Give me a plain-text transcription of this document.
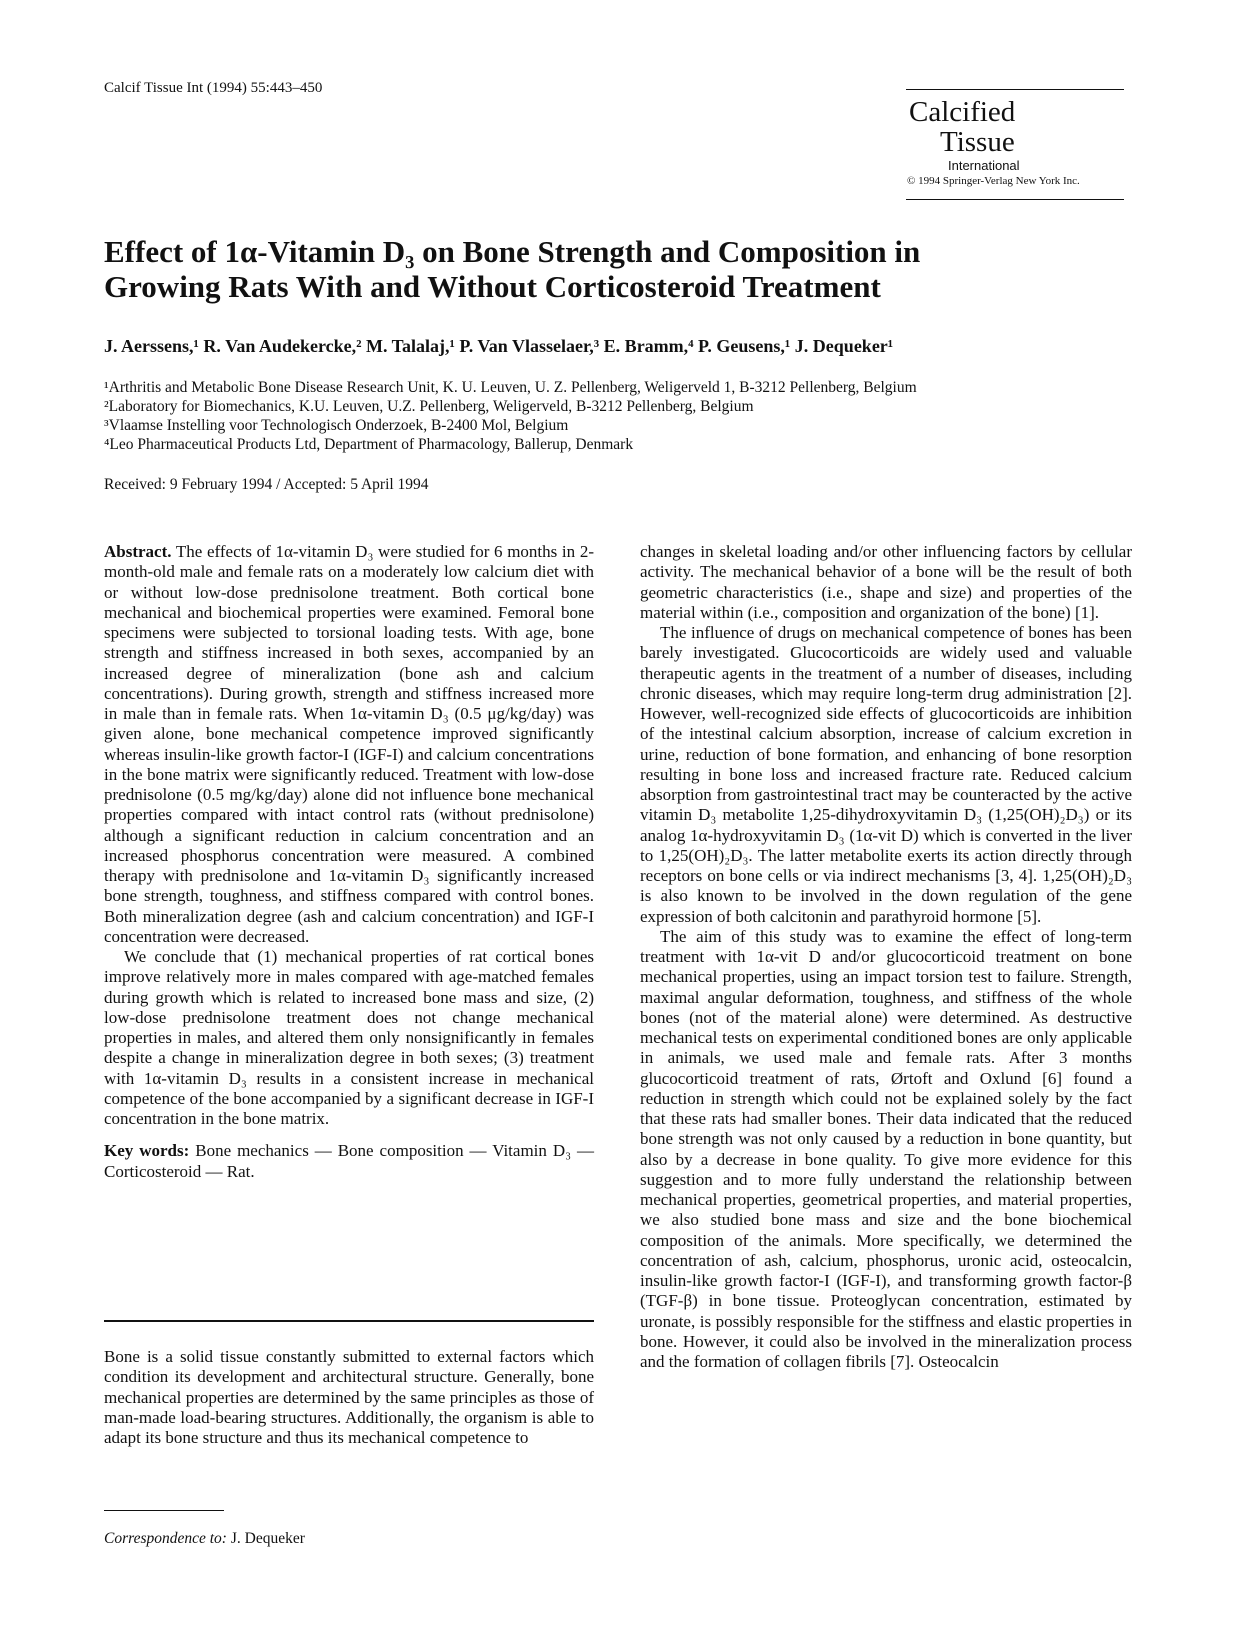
Calcif Tissue Int (1994) 55:443–450
Calcified
Tissue
International
© 1994 Springer-Verlag New York Inc.
Effect of 1α-Vitamin D₃ on Bone Strength and Composition in
Growing Rats With and Without Corticosteroid Treatment
J. Aerssens,¹ R. Van Audekercke,² M. Talalaj,¹ P. Van Vlasselaer,³ E. Bramm,⁴ P. Geusens,¹ J. Dequeker¹
¹Arthritis and Metabolic Bone Disease Research Unit, K. U. Leuven, U. Z. Pellenberg, Weligerveld 1, B-3212 Pellenberg, Belgium
²Laboratory for Biomechanics, K.U. Leuven, U.Z. Pellenberg, Weligerveld, B-3212 Pellenberg, Belgium
³Vlaamse Instelling voor Technologisch Onderzoek, B-2400 Mol, Belgium
⁴Leo Pharmaceutical Products Ltd, Department of Pharmacology, Ballerup, Denmark
Received: 9 February 1994 / Accepted: 5 April 1994

Abstract. The effects of 1α-vitamin D₃ were studied for 6 months in 2-month-old male and female rats on a moderately low calcium diet with or without low-dose prednisolone treatment. Both cortical bone mechanical and biochemical properties were examined. Femoral bone specimens were subjected to torsional loading tests. With age, bone strength and stiffness increased in both sexes, accompanied by an increased degree of mineralization (bone ash and calcium concentrations). During growth, strength and stiffness increased more in male than in female rats. When 1α-vitamin D₃ (0.5 μg/kg/day) was given alone, bone mechanical competence improved significantly whereas insulin-like growth factor-I (IGF-I) and calcium concentrations in the bone matrix were significantly reduced. Treatment with low-dose prednisolone (0.5 mg/kg/day) alone did not influence bone mechanical properties compared with intact control rats (without prednisolone) although a significant reduction in calcium concentration and an increased phosphorus concentration were measured. A combined therapy with prednisolone and 1α-vitamin D₃ significantly increased bone strength, toughness, and stiffness compared with control bones. Both mineralization degree (ash and calcium concentration) and IGF-I concentration were decreased.

We conclude that (1) mechanical properties of rat cortical bones improve relatively more in males compared with age-matched females during growth which is related to increased bone mass and size, (2) low-dose prednisolone treatment does not change mechanical properties in males, and altered them only nonsignificantly in females despite a change in mineralization degree in both sexes; (3) treatment with 1α-vitamin D₃ results in a consistent increase in mechanical competence of the bone accompanied by a significant decrease in IGF-I concentration in the bone matrix.

Key words: Bone mechanics — Bone composition — Vitamin D₃ — Corticosteroid — Rat.

Bone is a solid tissue constantly submitted to external factors which condition its development and architectural structure. Generally, bone mechanical properties are determined by the same principles as those of man-made load-bearing structures. Additionally, the organism is able to adapt its bone structure and thus its mechanical competence to

Correspondence to: J. Dequeker

changes in skeletal loading and/or other influencing factors by cellular activity. The mechanical behavior of a bone will be the result of both geometric characteristics (i.e., shape and size) and properties of the material within (i.e., composition and organization of the bone) [1].

The influence of drugs on mechanical competence of bones has been barely investigated. Glucocorticoids are widely used and valuable therapeutic agents in the treatment of a number of diseases, including chronic diseases, which may require long-term drug administration [2]. However, well-recognized side effects of glucocorticoids are inhibition of the intestinal calcium absorption, increase of calcium excretion in urine, reduction of bone formation, and enhancing of bone resorption resulting in bone loss and increased fracture rate. Reduced calcium absorption from gastrointestinal tract may be counteracted by the active vitamin D₃ metabolite 1,25-dihydroxyvitamin D₃ (1,25(OH)₂D₃) or its analog 1α-hydroxyvitamin D₃ (1α-vit D) which is converted in the liver to 1,25(OH)₂D₃. The latter metabolite exerts its action directly through receptors on bone cells or via indirect mechanisms [3, 4]. 1,25(OH)₂D₃ is also known to be involved in the down regulation of the gene expression of both calcitonin and parathyroid hormone [5].

The aim of this study was to examine the effect of long-term treatment with 1α-vit D and/or glucocorticoid treatment on bone mechanical properties, using an impact torsion test to failure. Strength, maximal angular deformation, toughness, and stiffness of the whole bones (not of the material alone) were determined. As destructive mechanical tests on experimental conditioned bones are only applicable in animals, we used male and female rats. After 3 months glucocorticoid treatment of rats, Ørtoft and Oxlund [6] found a reduction in strength which could not be explained solely by the fact that these rats had smaller bones. Their data indicated that the reduced bone strength was not only caused by a reduction in bone quantity, but also by a decrease in bone quality. To give more evidence for this suggestion and to more fully understand the relationship between mechanical properties, geometrical properties, and material properties, we also studied bone mass and size and the bone biochemical composition of the animals. More specifically, we determined the concentration of ash, calcium, phosphorus, uronic acid, osteocalcin, insulin-like growth factor-I (IGF-I), and transforming growth factor-β (TGF-β) in bone tissue. Proteoglycan concentration, estimated by uronate, is possibly responsible for the stiffness and elastic properties in bone. However, it could also be involved in the mineralization process and the formation of collagen fibrils [7]. Osteocalcin
